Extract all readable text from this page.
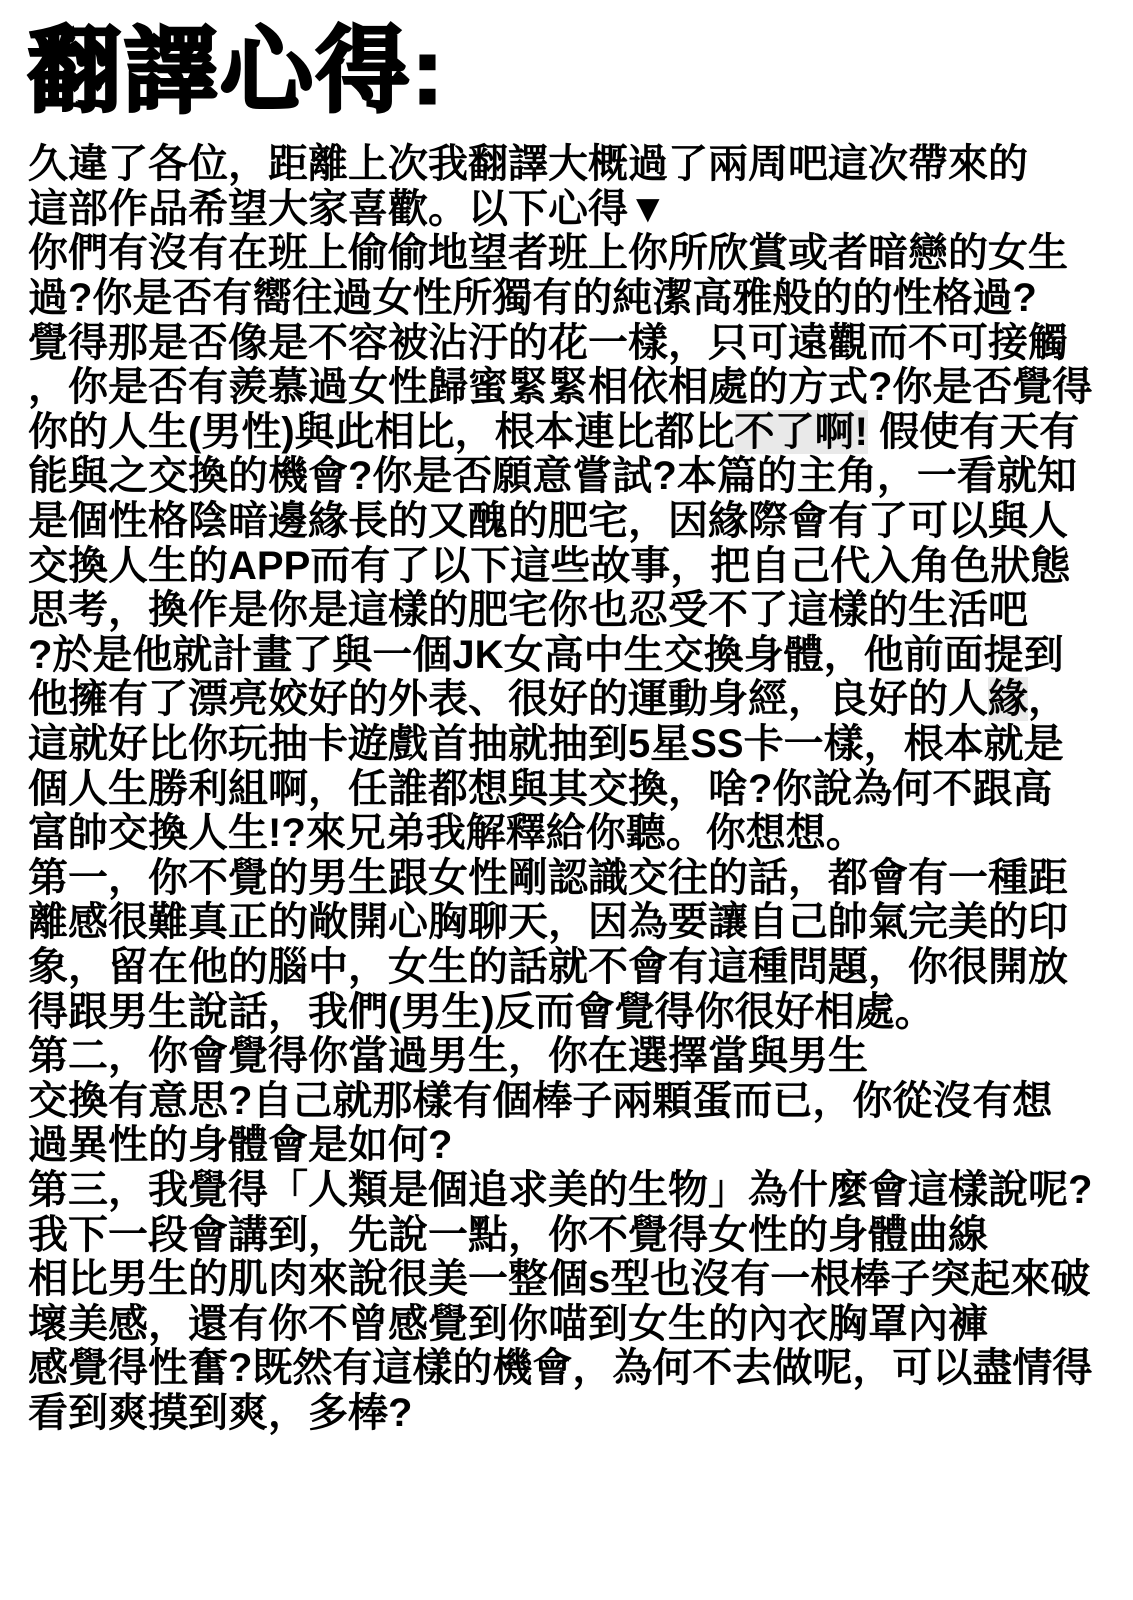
翻譯心得:
久違了各位，距離上次我翻譯大概過了兩周吧這次帶來的
這部作品希望大家喜歡。以下心得▼
你們有沒有在班上偷偷地望者班上你所欣賞或者暗戀的女生
過?你是否有嚮往過女性所獨有的純潔高雅般的的性格過?
覺得那是否像是不容被沾汙的花一樣，只可遠觀而不可接觸
，你是否有羨慕過女性歸蜜緊緊相依相處的方式?你是否覺得
你的人生(男性)與此相比，根本連比都比不了啊! 假使有天有
能與之交換的機會?你是否願意嘗試?本篇的主角，一看就知
是個性格陰暗邊緣長的又醜的肥宅，因緣際會有了可以與人
交換人生的APP而有了以下這些故事，把自己代入角色狀態
思考，換作是你是這樣的肥宅你也忍受不了這樣的生活吧
?於是他就計畫了與一個JK女高中生交換身體，他前面提到
他擁有了漂亮姣好的外表、很好的運動身經，良好的人緣，
這就好比你玩抽卡遊戲首抽就抽到5星SS卡一樣，根本就是
個人生勝利組啊，任誰都想與其交換，啥?你說為何不跟高
富帥交換人生!?來兄弟我解釋給你聽。你想想。
第一，你不覺的男生跟女性剛認識交往的話，都會有一種距
離感很難真正的敞開心胸聊天，因為要讓自己帥氣完美的印
象，留在他的腦中，女生的話就不會有這種問題，你很開放
得跟男生說話，我們(男生)反而會覺得你很好相處。
第二，你會覺得你當過男生，你在選擇當與男生
交換有意思?自己就那樣有個棒子兩顆蛋而已，你從沒有想
過異性的身體會是如何?
第三，我覺得「人類是個追求美的生物」為什麼會這樣說呢?
我下一段會講到，先說一點，你不覺得女性的身體曲線
相比男生的肌肉來說很美一整個s型也沒有一根棒子突起來破
壞美感，還有你不曾感覺到你喵到女生的內衣胸罩內褲
感覺得性奮?既然有這樣的機會，為何不去做呢，可以盡情得
看到爽摸到爽，多棒?
